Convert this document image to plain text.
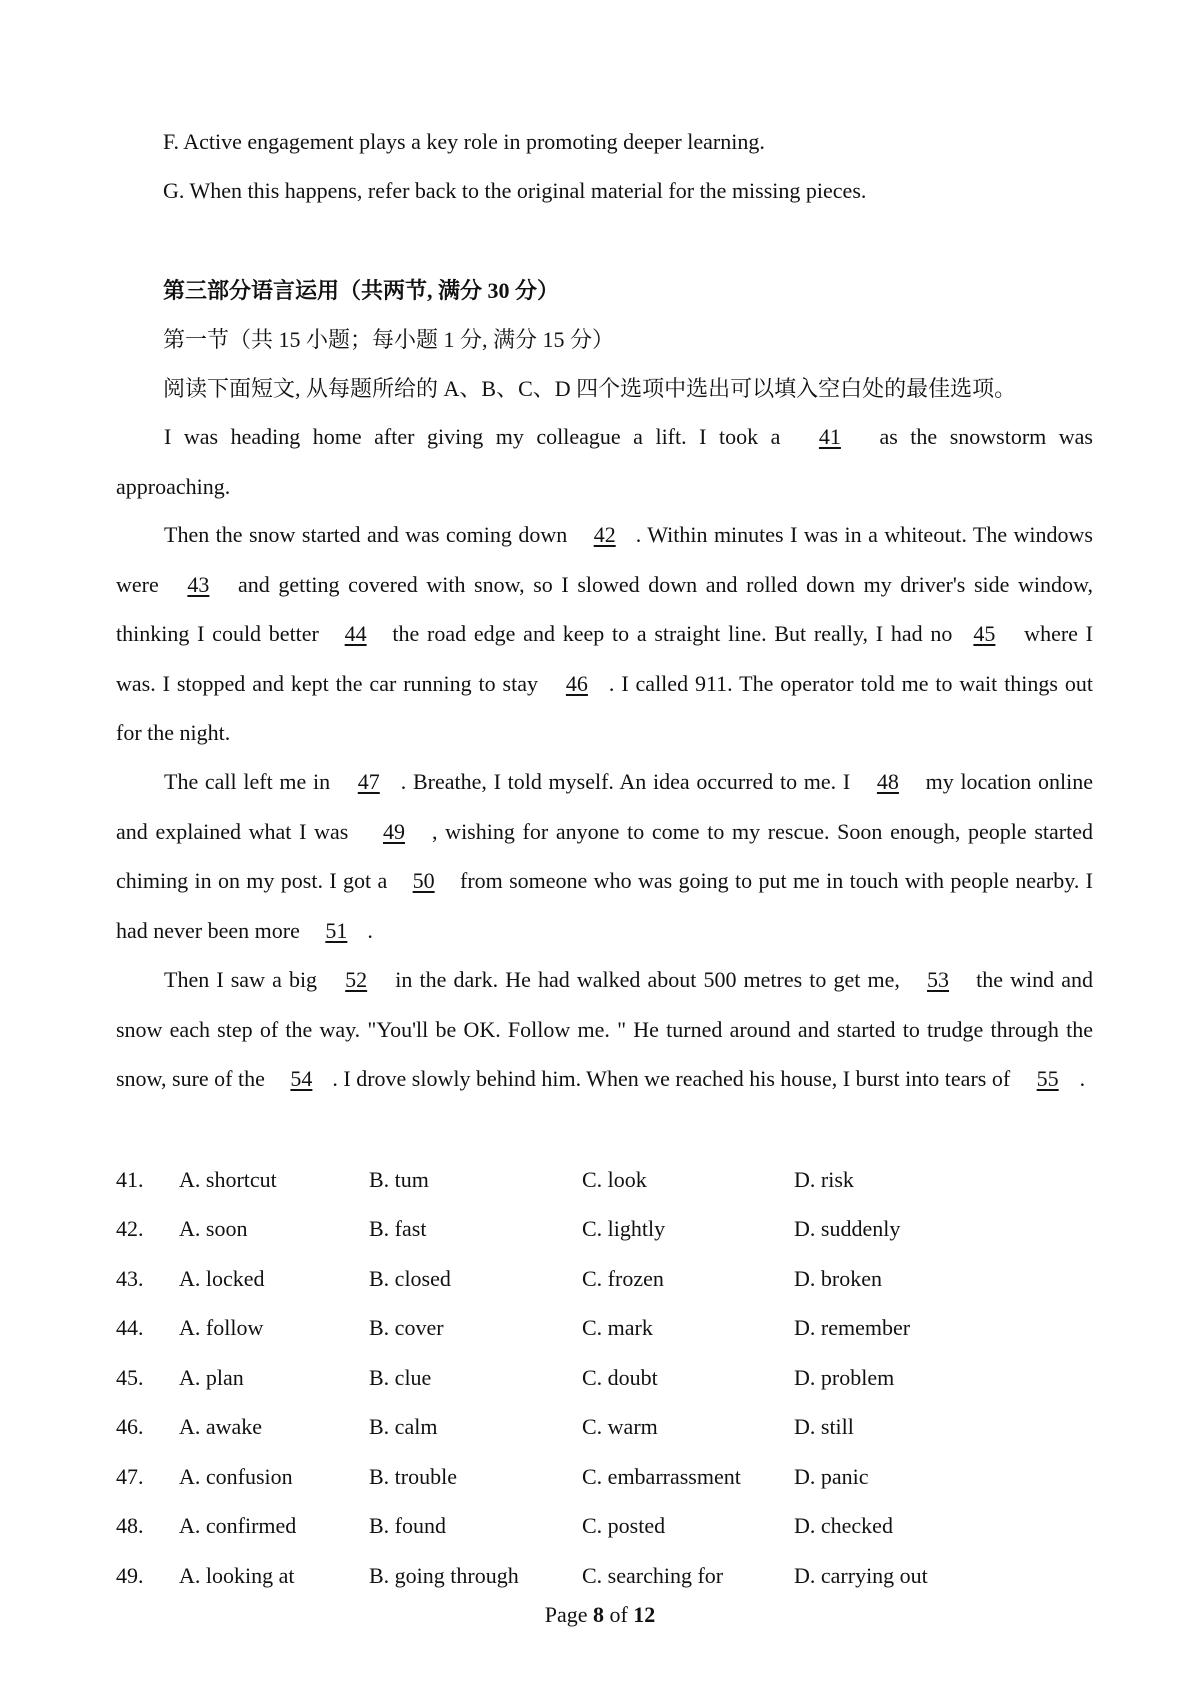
F. Active engagement plays a key role in promoting deeper learning.
G. When this happens, refer back to the original material for the missing pieces.
第三部分语言运用（共两节, 满分 30 分）
第一节（共 15 小题；每小题 1 分, 满分 15 分）
阅读下面短文, 从每题所给的 A、B、C、D 四个选项中选出可以填入空白处的最佳选项。
I was heading home after giving my colleague a lift. I took a 41 as the snowstorm was approaching.
Then the snow started and was coming down 42 . Within minutes I was in a whiteout. The windows were 43 and getting covered with snow, so I slowed down and rolled down my driver's side window, thinking I could better 44 the road edge and keep to a straight line. But really, I had no 45 where I was. I stopped and kept the car running to stay 46 . I called 911. The operator told me to wait things out for the night.
The call left me in 47 . Breathe, I told myself. An idea occurred to me. I 48 my location online and explained what I was 49 , wishing for anyone to come to my rescue. Soon enough, people started chiming in on my post. I got a 50 from someone who was going to put me in touch with people nearby. I had never been more 51 .
Then I saw a big 52 in the dark. He had walked about 500 metres to get me, 53 the wind and snow each step of the way. "You'll be OK. Follow me. " He turned around and started to trudge through the snow, sure of the 54 . I drove slowly behind him. When we reached his house, I burst into tears of 55 .
41. A. shortcut	B. tum	C. look	D. risk
42. A. soon	B. fast	C. lightly	D. suddenly
43. A. locked	B. closed	C. frozen	D. broken
44. A. follow	B. cover	C. mark	D. remember
45. A. plan	B. clue	C. doubt	D. problem
46. A. awake	B. calm	C. warm	D. still
47. A. confusion	B. trouble	C. embarrassment D. panic
48. A. confirmed	B. found	C. posted	D. checked
49. A. looking at	B. going through	C. searching for	D. carrying out
Page 8 of 12
